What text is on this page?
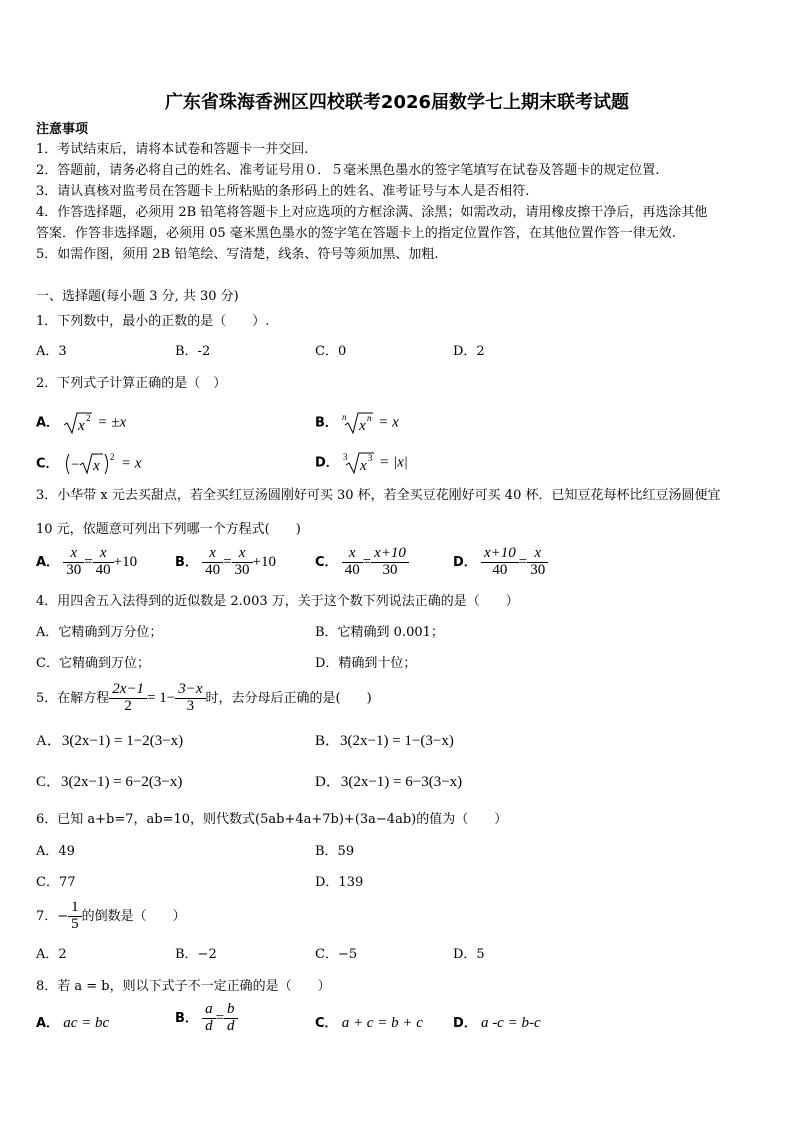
广东省珠海香洲区四校联考2026届数学七上期末联考试题
注意事项
1．考试结束后，请将本试卷和答题卡一并交回.
2．答题前，请务必将自己的姓名、准考证号用０．５毫米黑色墨水的签字笔填写在试卷及答题卡的规定位置.
3．请认真核对监考员在答题卡上所粘贴的条形码上的姓名、准考证号与本人是否相符.
4．作答选择题，必须用 2B 铅笔将答题卡上对应选项的方框涂满、涂黑；如需改动，请用橡皮擦干净后，再选涂其他
答案．作答非选择题，必须用 05 毫米黑色墨水的签字笔在答题卡上的指定位置作答，在其他位置作答一律无效.
5．如需作图，须用 2B 铅笔绘、写清楚，线条、符号等须加黑、加粗.
一、选择题(每小题 3 分, 共 30 分)
1．下列数中，最小的正数的是（　　）.
A．3	B．-2	C．0	D．2
2．下列式子计算正确的是（　）
A． x 2 = ±x	B． n
x n = x
C． − x
2 = x	D． 3
x 3 = |x|
3．小华带 x 元去买甜点，若全买红豆汤圆刚好可买 30 杯，若全买豆花刚好可买 40 杯．已知豆花每杯比红豆汤圆便宜
10 元，依题意可列出下列哪一个方程式(　　)
A． $\frac{x}{30} = \frac{x}{40} +10$	B． $\frac{x}{40} = \frac{x}{30} +10$	C． $\frac{x}{40} = \frac{x+10}{30}$	D． $\frac{x+10}{40} = \frac{x}{30}$
4．用四舍五入法得到的近似数是 2.003 万，关于这个数下列说法正确的是（　　）
A．它精确到万分位；	B．它精确到 0.001；
C．它精确到万位；	D．精确到十位；
5．在解方程 $\frac{2x-1}{2} = 1- \frac{3-x}{3}$ 时，去分母后正确的是(　　)
A．3(2x−1) = 1−2(3−x)	B．3(2x−1) = 1−(3−x)
C．3(2x−1) = 6−2(3−x)	D．3(2x−1) = 6−3(3−x)
6．已知 a+b=7，ab=10，则代数式(5ab+4a+7b)+(3a−4ab)的值为（　　）
A．49	B．59
C．77	D．139
7．− $\frac{1}{5}$ 的倒数是（　　）
A．2	B．−2	C．−5	D．5
8．若 a = b，则以下式子不一定正确的是（　　）
A． ac = bc	B． $\frac{a}{d} = \frac{b}{d}$	C． a + c = b + c D． a -c = b-c
